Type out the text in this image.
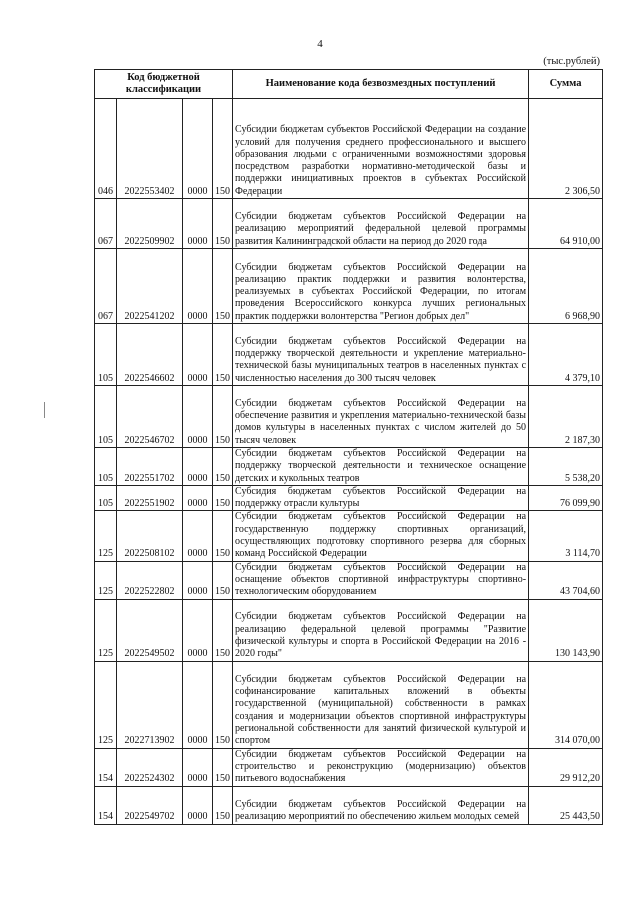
4
(тыс.рублей)
Код бюджетной классификации				Наименование кода безвозмездных поступлений	Сумма
046	2022553402	0000	150	Субсидии бюджетам субъектов Российской Федерации на создание условий для получения среднего профессионального и высшего образования людьми с ограниченными возможностями здоровья посредством разработки нормативно-методической базы и поддержки инициативных проектов в субъектах Российской Федерации	2 306,50
067	2022509902	0000	150	Субсидии бюджетам субъектов Российской Федерации на реализацию мероприятий федеральной целевой программы развития Калининградской области на период до 2020 года	64 910,00
067	2022541202	0000	150	Субсидии бюджетам субъектов Российской Федерации на реализацию практик поддержки и развития волонтерства, реализуемых в субъектах Российской Федерации, по итогам проведения Всероссийского конкурса лучших региональных практик поддержки волонтерства "Регион добрых дел"	6 968,90
105	2022546602	0000	150	Субсидии бюджетам субъектов Российской Федерации на поддержку творческой деятельности и укрепление материально-технической базы муниципальных театров в населенных пунктах с численностью населения до 300 тысяч человек	4 379,10
105	2022546702	0000	150	Субсидии бюджетам субъектов Российской Федерации на обеспечение развития и укрепления материально-технической базы домов культуры в населенных пунктах с числом жителей до 50 тысяч человек	2 187,30
105	2022551702	0000	150	Субсидии бюджетам субъектов Российской Федерации на поддержку творческой деятельности и техническое оснащение детских и кукольных театров	5 538,20
105	2022551902	0000	150	Субсидия бюджетам субъектов Российской Федерации на поддержку отрасли культуры	76 099,90
125	2022508102	0000	150	Субсидии бюджетам субъектов Российской Федерации на государственную поддержку спортивных организаций, осуществляющих подготовку спортивного резерва для сборных команд Российской Федерации	3 114,70
125	2022522802	0000	150	Субсидии бюджетам субъектов Российской Федерации на оснащение объектов спортивной инфраструктуры спортивно-технологическим оборудованием	43 704,60
125	2022549502	0000	150	Субсидии бюджетам субъектов Российской Федерации на реализацию федеральной целевой программы "Развитие физической культуры и спорта в Российской Федерации на 2016 - 2020 годы"	130 143,90
125	2022713902	0000	150	Субсидии бюджетам субъектов Российской Федерации на софинансирование капитальных вложений в объекты государственной (муниципальной) собственности в рамках создания и модернизации объектов спортивной инфраструктуры региональной собственности для занятий физической культурой и спортом	314 070,00
154	2022524302	0000	150	Субсидии бюджетам субъектов Российской Федерации на строительство и реконструкцию (модернизацию) объектов питьевого водоснабжения	29 912,20
154	2022549702	0000	150	Субсидии бюджетам субъектов Российской Федерации на реализацию мероприятий по обеспечению жильем молодых семей	25 443,50
